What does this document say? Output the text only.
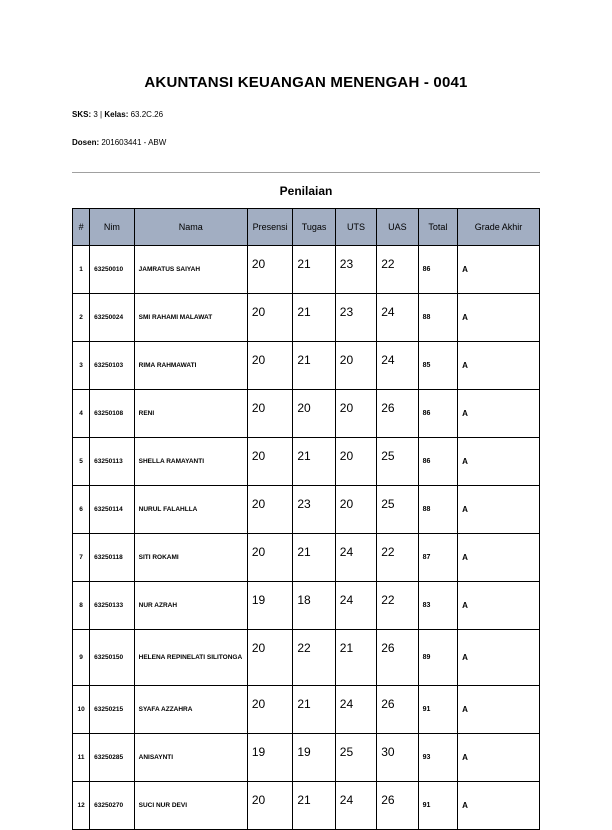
AKUNTANSI KEUANGAN MENENGAH - 0041
SKS: 3 | Kelas: 63.2C.26
Dosen: 201603441 - ABW
Penilaian
#	Nim	Nama	Presensi	Tugas	UTS	UAS	Total	Grade Akhir
1	63250010	JAMRATUS SAIYAH	20	21	23	22	86	A
2	63250024	SMI RAHAMI MALAWAT	20	21	23	24	88	A
3	63250103	RIMA RAHMAWATI	20	21	20	24	85	A
4	63250108	RENI	20	20	20	26	86	A
5	63250113	SHELLA RAMAYANTI	20	21	20	25	86	A
6	63250114	NURUL FALAHLLA	20	23	20	25	88	A
7	63250118	SITI ROKAMI	20	21	24	22	87	A
8	63250133	NUR AZRAH	19	18	24	22	83	A
9	63250150	HELENA REPINELATI SILITONGA	20	22	21	26	89	A
10	63250215	SYAFA AZZAHRA	20	21	24	26	91	A
11	63250285	ANISAYNTI	19	19	25	30	93	A
12	63250270	SUCI NUR DEVI	20	21	24	26	91	A
